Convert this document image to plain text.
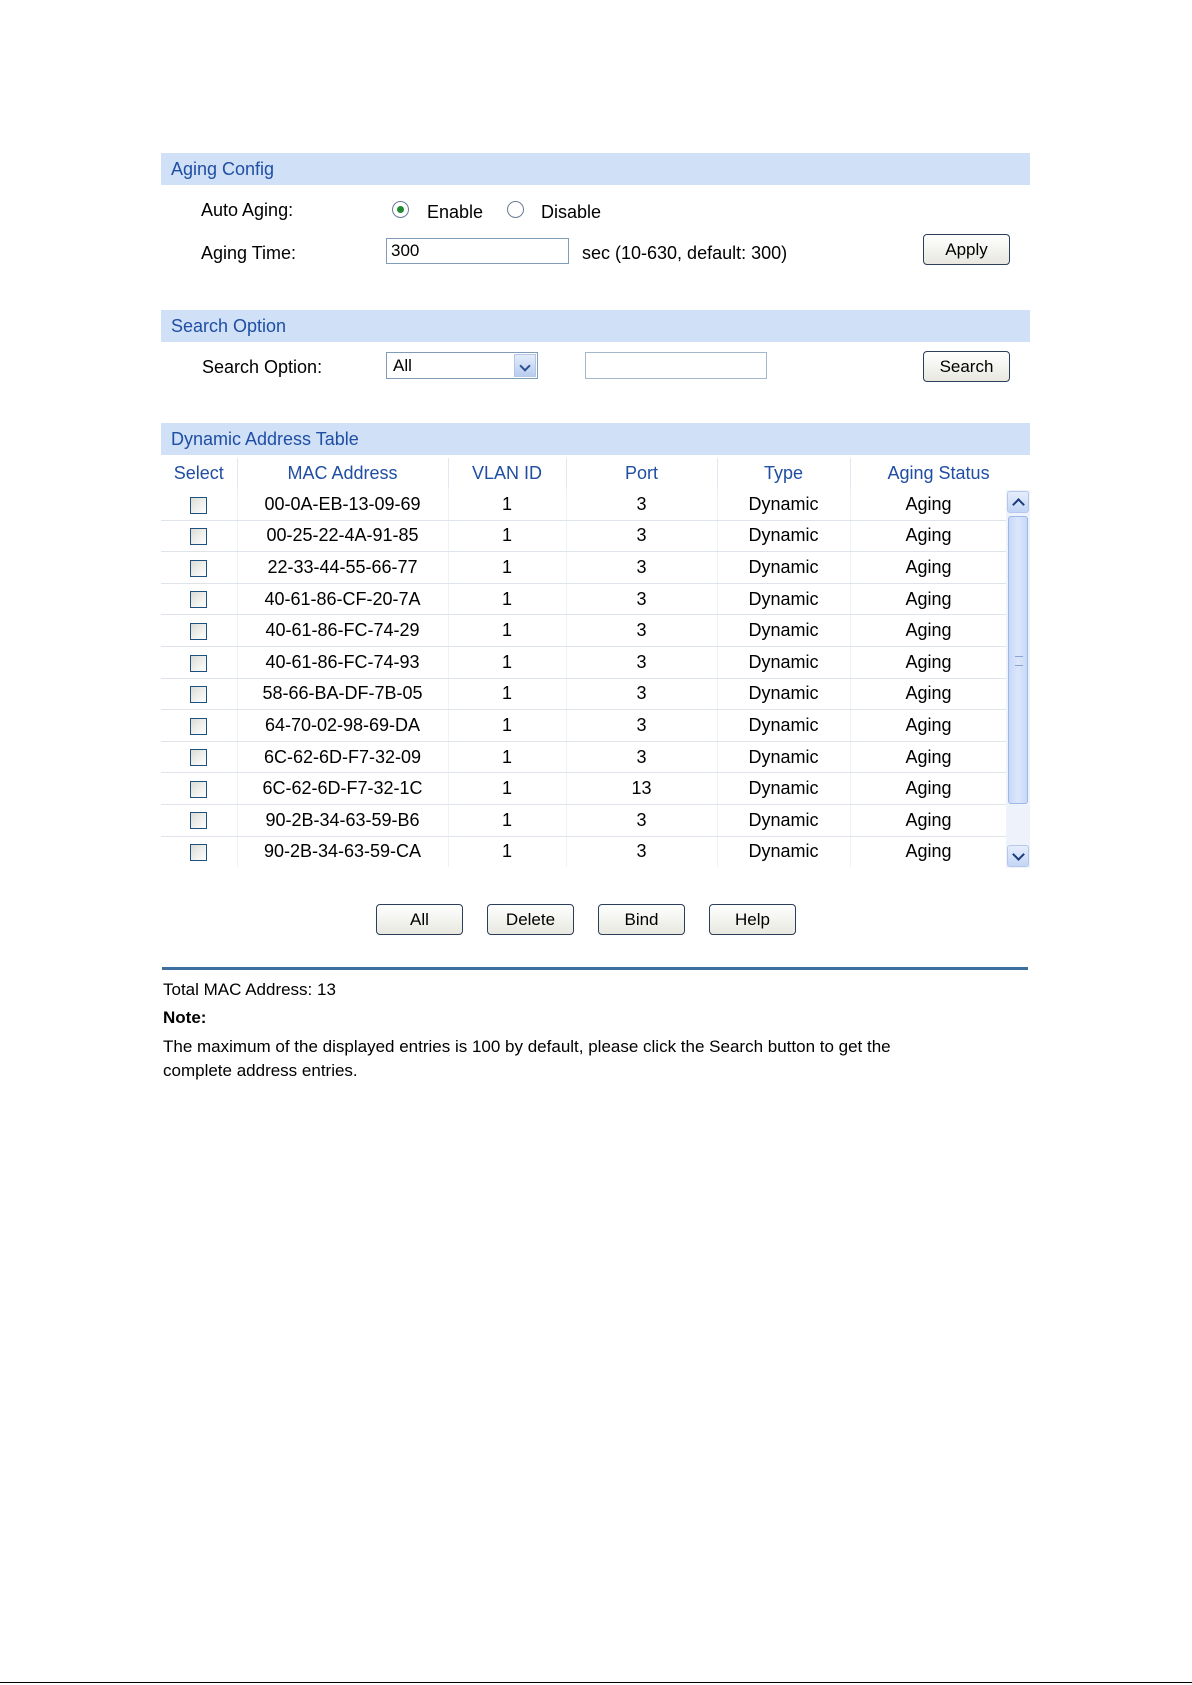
Aging Config
Auto Aging:	Enable	Disable
Aging Time:
300	sec (10-630, default: 300)	Apply
Search Option
Search Option:	All	Search
Dynamic Address Table
Select	MAC Address	VLAN ID	Port	Type	Aging Status
	00-0A-EB-13-09-69	1	3	Dynamic	Aging
	00-25-22-4A-91-85	1	3	Dynamic	Aging
	22-33-44-55-66-77	1	3	Dynamic	Aging
	40-61-86-CF-20-7A	1	3	Dynamic	Aging
	40-61-86-FC-74-29	1	3	Dynamic	Aging
	40-61-86-FC-74-93	1	3	Dynamic	Aging
	58-66-BA-DF-7B-05	1	3	Dynamic	Aging
	64-70-02-98-69-DA	1	3	Dynamic	Aging
	6C-62-6D-F7-32-09	1	3	Dynamic	Aging
	6C-62-6D-F7-32-1C	1	13	Dynamic	Aging
	90-2B-34-63-59-B6	1	3	Dynamic	Aging
	90-2B-34-63-59-CA	1	3	Dynamic	Aging
All	Delete	Bind	Help
Total MAC Address: 13
Note:
The maximum of the displayed entries is 100 by default, please click the Search button to get the
complete address entries.
